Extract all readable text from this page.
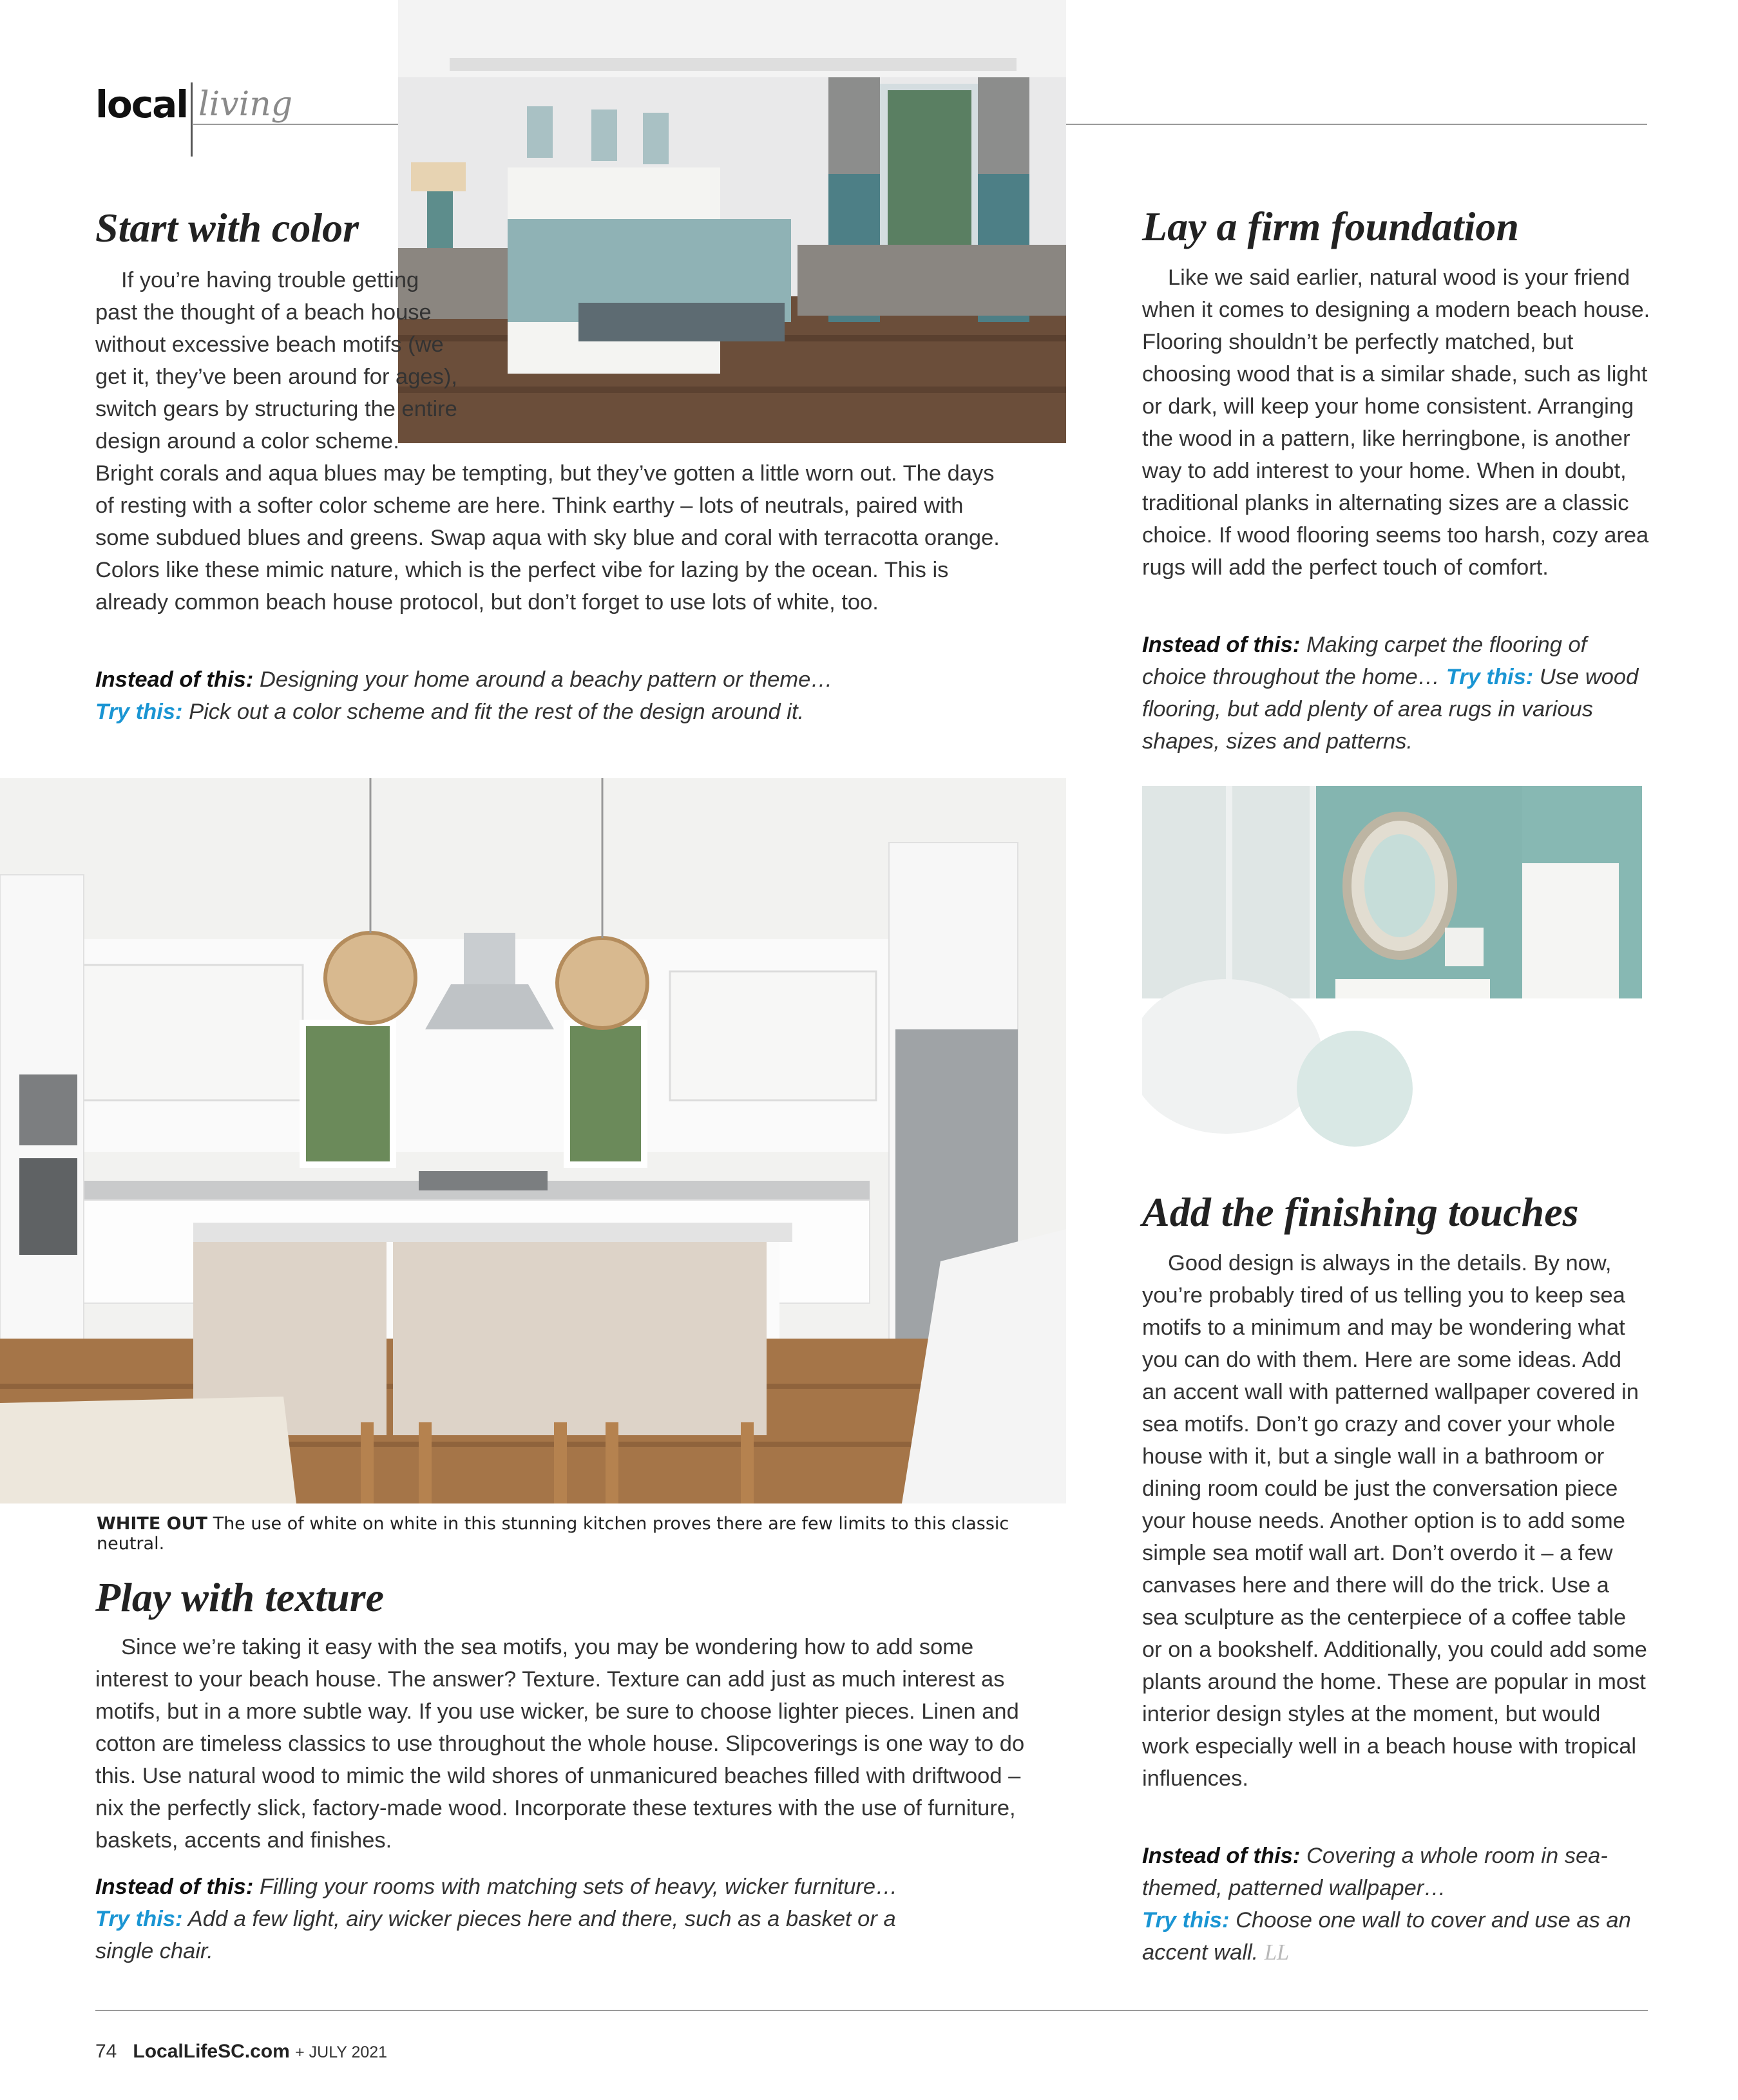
local living
Start with color

If you’re having trouble getting past the thought of a beach house without excessive beach motifs (we get it, they’ve been around for ages), switch gears by structuring the entire design around a color scheme. Bright corals and aqua blues may be tempting, but they’ve gotten a little worn out. The days of resting with a softer color scheme are here. Think earthy – lots of neutrals, paired with some subdued blues and greens. Swap aqua with sky blue and coral with terracotta orange. Colors like these mimic nature, which is the perfect vibe for lazing by the ocean. This is already common beach house protocol, but don’t forget to use lots of white, too.

Instead of this: Designing your home around a beachy pattern or theme…
Try this: Pick out a color scheme and fit the rest of the design around it.

Lay a firm foundation

Like we said earlier, natural wood is your friend when it comes to designing a modern beach house. Flooring shouldn’t be perfectly matched, but choosing wood that is a similar shade, such as light or dark, will keep your home consistent. Arranging the wood in a pattern, like herringbone, is another way to add interest to your home. When in doubt, traditional planks in alternating sizes are a classic choice. If wood flooring seems too harsh, cozy area rugs will add the perfect touch of comfort.

Instead of this: Making carpet the flooring of choice throughout the home… Try this: Use wood flooring, but add plenty of area rugs in various shapes, sizes and patterns.

WHITE OUT The use of white on white in this stunning kitchen proves there are few limits to this classic neutral.
Play with texture

Since we’re taking it easy with the sea motifs, you may be wondering how to add some interest to your beach house. The answer? Texture. Texture can add just as much interest as motifs, but in a more subtle way. If you use wicker, be sure to choose lighter pieces. Linen and cotton are timeless classics to use throughout the whole house. Slipcoverings is one way to do this. Use natural wood to mimic the wild shores of unmanicured beaches filled with driftwood – nix the perfectly slick, factory-made wood. Incorporate these textures with the use of furniture, baskets, accents and finishes.

Instead of this: Filling your rooms with matching sets of heavy, wicker furniture…
Try this: Add a few light, airy wicker pieces here and there, such as a basket or a single chair.

Add the finishing touches

Good design is always in the details. By now, you’re probably tired of us telling you to keep sea motifs to a minimum and may be wondering what you can do with them. Here are some ideas. Add an accent wall with patterned wallpaper covered in sea motifs. Don’t go crazy and cover your whole house with it, but a single wall in a bathroom or dining room could be just the conversation piece your house needs. Another option is to add some simple sea motif wall art. Don’t overdo it – a few canvases here and there will do the trick. Use a sea sculpture as the centerpiece of a coffee table or on a bookshelf. Additionally, you could add some plants around the home. These are popular in most interior design styles at the moment, but would work especially well in a beach house with tropical influences.

Instead of this: Covering a whole room in sea-themed, patterned wallpaper…
Try this: Choose one wall to cover and use as an accent wall. LL

74 LocalLifeSC.com + JULY 2021
